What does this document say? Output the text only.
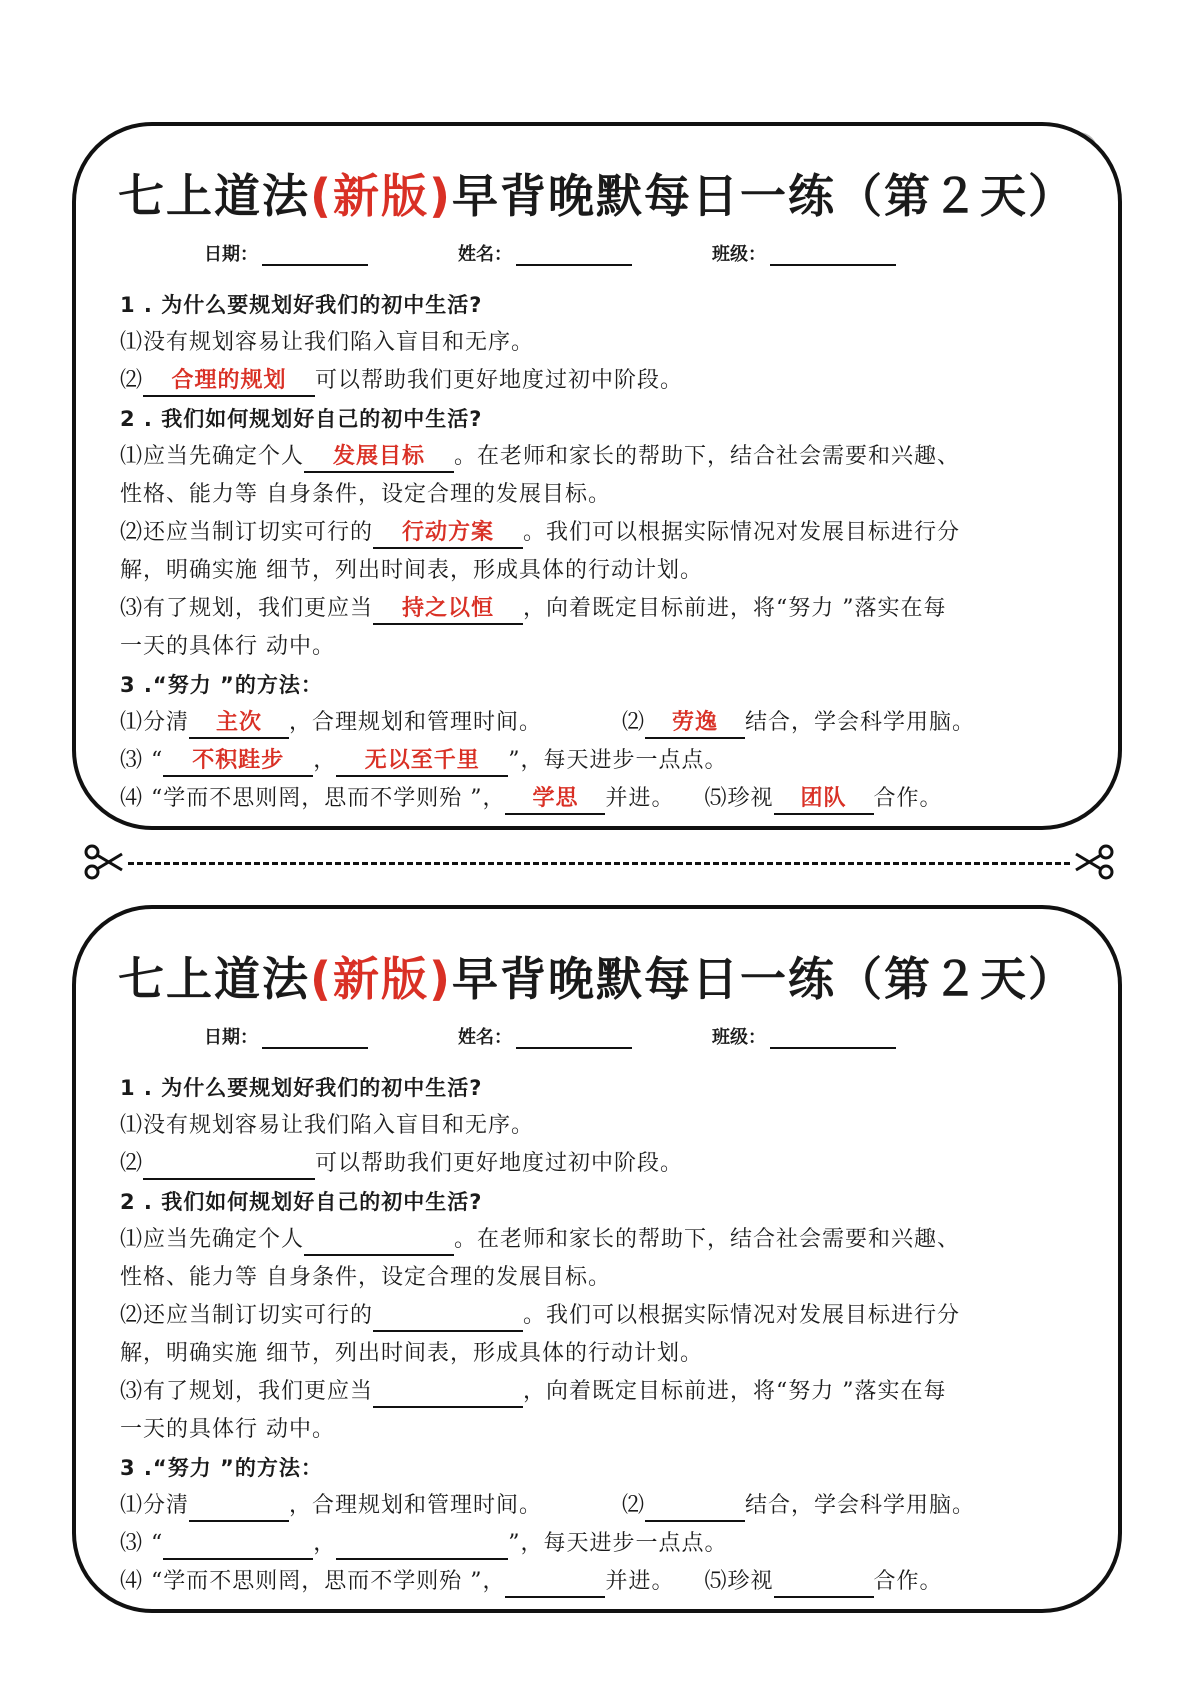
七上道法(新版)早背晚默每日一练（第２天）
日期：	姓名：	班级：
1 . 为什么要规划好我们的初中生活?
⑴没有规划容易让我们陷入盲目和无序。
⑵ 合理的规划 可以帮助我们更好地度过初中阶段。
2 . 我们如何规划好自己的初中生活?
⑴应当先确定个人 发展目标 。在老师和家长的帮助下，结合社会需要和兴趣、
性格、能力等 自身条件，设定合理的发展目标。
⑵还应当制订切实可行的 行动方案 。我们可以根据实际情况对发展目标进行分
解，明确实施 细节，列出时间表，形成具体的行动计划。
⑶有了规划，我们更应当 持之以恒 ，向着既定目标前进，将“努力 ”落实在每
一天的具体行 动中。
3 .“努力 ”的方法：
⑴分清 主次 ，合理规划和管理时间。	⑵ 劳逸 结合，学会科学用脑。
⑶ “ 不积跬步 ， 无以至千里 ”，每天进步一点点。
⑷ “学而不思则罔，思而不学则殆 ”， 学思 并进。 ⑸珍视 团队 合作。
七上道法(新版)早背晚默每日一练（第２天）
日期：	姓名：	班级：
1 . 为什么要规划好我们的初中生活?
⑴没有规划容易让我们陷入盲目和无序。
⑵	可以帮助我们更好地度过初中阶段。
2 . 我们如何规划好自己的初中生活?
⑴应当先确定个人	。在老师和家长的帮助下，结合社会需要和兴趣、
性格、能力等 自身条件，设定合理的发展目标。
⑵还应当制订切实可行的	。我们可以根据实际情况对发展目标进行分
解，明确实施 细节，列出时间表，形成具体的行动计划。
⑶有了规划，我们更应当	，向着既定目标前进，将“努力 ”落实在每
一天的具体行 动中。
3 .“努力 ”的方法：
⑴分清	，合理规划和管理时间。	⑵	结合，学会科学用脑。
⑶ “	，	”，每天进步一点点。
⑷ “学而不思则罔，思而不学则殆 ”，	并进。 ⑸珍视	合作。
